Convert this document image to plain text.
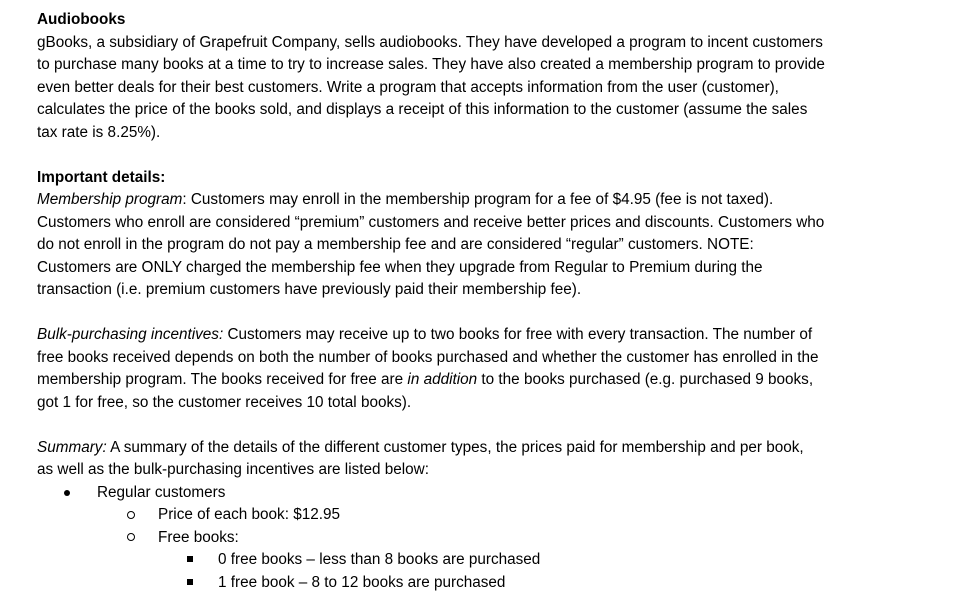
Audiobooks

gBooks, a subsidiary of Grapefruit Company, sells audiobooks. They have developed a program to incent customers

to purchase many books at a time to try to increase sales. They have also created a membership program to provide

even better deals for their best customers. Write a program that accepts information from the user (customer),

calculates the price of the books sold, and displays a receipt of this information to the customer (assume the sales

tax rate is 8.25%).

Important details:

Membership program: Customers may enroll in the membership program for a fee of $4.95 (fee is not taxed).

Customers who enroll are considered “premium” customers and receive better prices and discounts. Customers who

do not enroll in the program do not pay a membership fee and are considered “regular” customers. NOTE:

Customers are ONLY charged the membership fee when they upgrade from Regular to Premium during the

transaction (i.e. premium customers have previously paid their membership fee).

Bulk-purchasing incentives: Customers may receive up to two books for free with every transaction. The number of

free books received depends on both the number of books purchased and whether the customer has enrolled in the

membership program. The books received for free are in addition to the books purchased (e.g. purchased 9 books,

got 1 for free, so the customer receives 10 total books).

Summary: A summary of the details of the different customer types, the prices paid for membership and per book,

as well as the bulk-purchasing incentives are listed below:

Regular customers
Price of each book: $12.95
Free books:
0 free books – less than 8 books are purchased
1 free book – 8 to 12 books are purchased
